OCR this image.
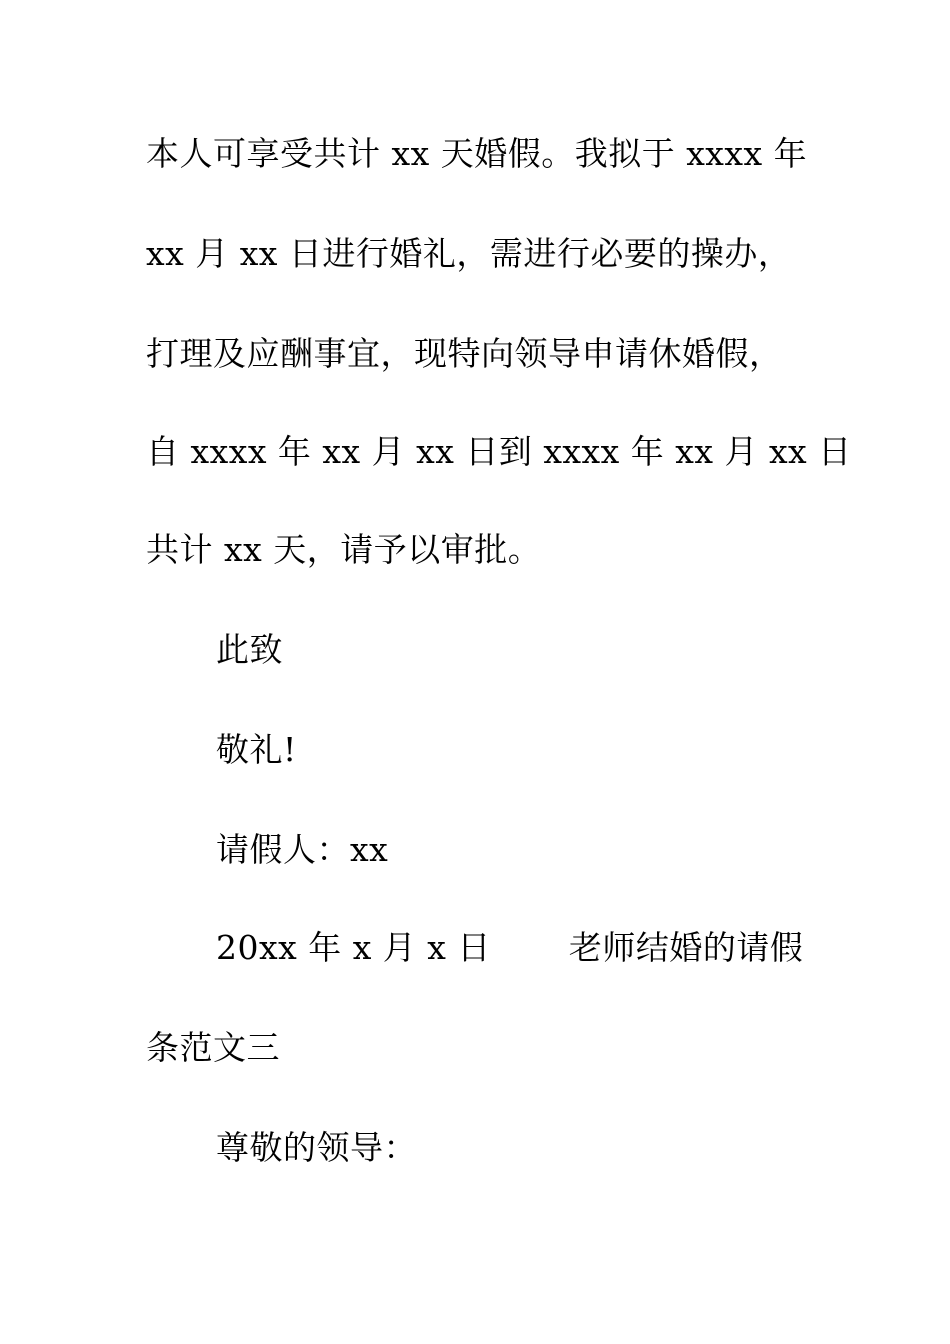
本人可享受共计 xx 天婚假。我拟于 xxxx 年
xx 月 xx 日进行婚礼，需进行必要的操办，
打理及应酬事宜，现特向领导申请休婚假，
自 xxxx 年 xx 月 xx 日到 xxxx 年 xx 月 xx 日
共计 xx 天，请予以审批。
此致
敬礼!
请假人：xx
20xx 年 x 月 x 日　　 老师结婚的请假
条范文三
尊敬的领导：
